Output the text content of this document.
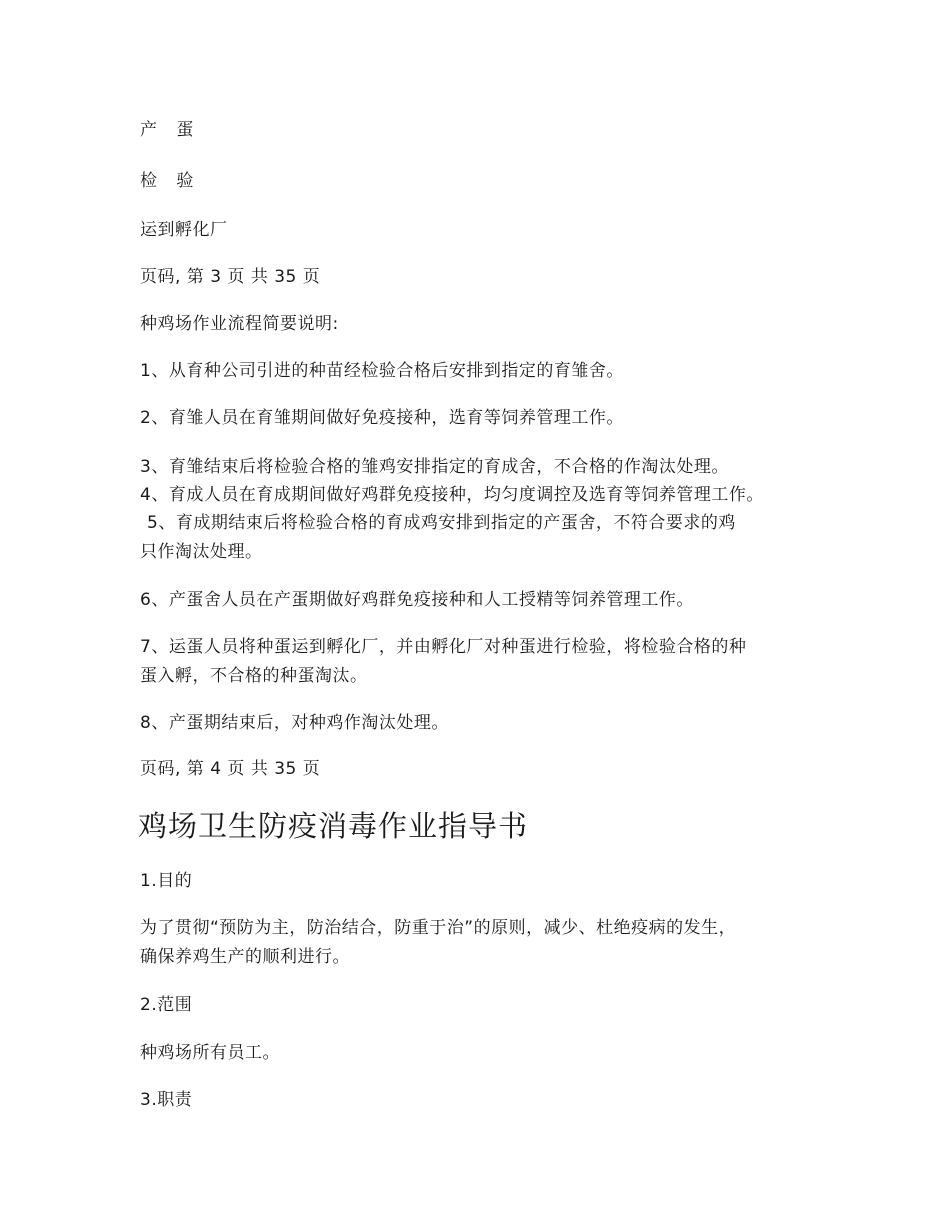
产 蛋
检 验
运到孵化厂
页码, 第 3 页 共 35 页
种鸡场作业流程简要说明:
1、从育种公司引进的种苗经检验合格后安排到指定的育雏舍。
2、育雏人员在育雏期间做好免疫接种，选育等饲养管理工作。
3、育雏结束后将检验合格的雏鸡安排指定的育成舍，不合格的作淘汰处理。
4、育成人员在育成期间做好鸡群免疫接种，均匀度调控及选育等饲养管理工作。
5、育成期结束后将检验合格的育成鸡安排到指定的产蛋舍，不符合要求的鸡
只作淘汰处理。
6、产蛋舍人员在产蛋期做好鸡群免疫接种和人工授精等饲养管理工作。
7、运蛋人员将种蛋运到孵化厂，并由孵化厂对种蛋进行检验，将检验合格的种
蛋入孵，不合格的种蛋淘汰。
8、产蛋期结束后，对种鸡作淘汰处理。
页码, 第 4 页 共 35 页
鸡场卫生防疫消毒作业指导书
1.目的
为了贯彻“预防为主，防治结合，防重于治”的原则，减少、杜绝疫病的发生，
确保养鸡生产的顺利进行。
2.范围
种鸡场所有员工。
3.职责
